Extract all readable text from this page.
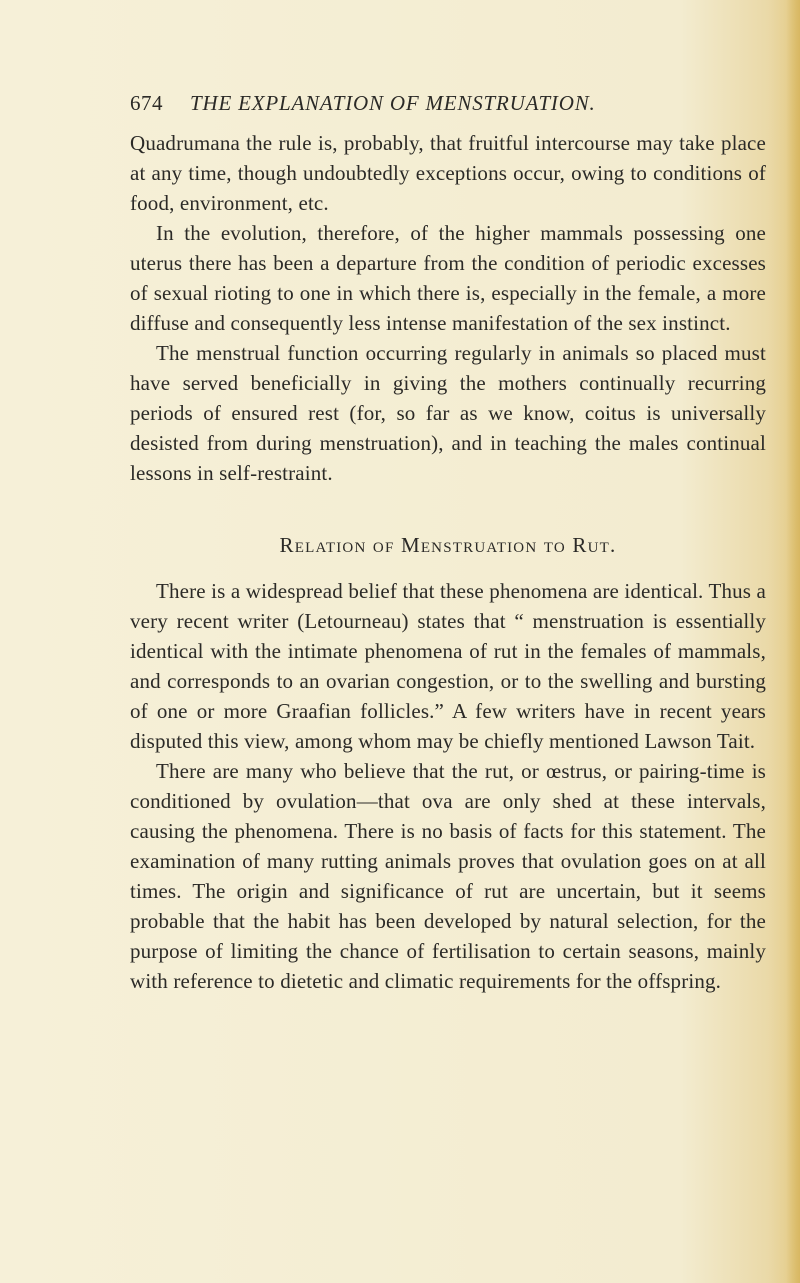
674 THE EXPLANATION OF MENSTRUATION.

Quadrumana the rule is, probably, that fruitful intercourse may take place at any time, though undoubtedly exceptions occur, owing to conditions of food, environment, etc.

In the evolution, therefore, of the higher mammals possessing one uterus there has been a departure from the condition of periodic excesses of sexual rioting to one in which there is, especially in the female, a more diffuse and consequently less intense manifestation of the sex instinct.

The menstrual function occurring regularly in animals so placed must have served beneficially in giving the mothers continually recurring periods of ensured rest (for, so far as we know, coitus is universally desisted from during menstruation), and in teaching the males continual lessons in self-restraint.

Relation of Menstruation to Rut.

There is a widespread belief that these phenomena are identical. Thus a very recent writer (Letourneau) states that “ menstruation is essentially identical with the intimate phenomena of rut in the females of mammals, and corresponds to an ovarian congestion, or to the swelling and bursting of one or more Graafian follicles.” A few writers have in recent years disputed this view, among whom may be chiefly mentioned Lawson Tait.

There are many who believe that the rut, or œstrus, or pairing-time is conditioned by ovulation—that ova are only shed at these intervals, causing the phenomena. There is no basis of facts for this statement. The examination of many rutting animals proves that ovulation goes on at all times. The origin and significance of rut are uncertain, but it seems probable that the habit has been developed by natural selection, for the purpose of limiting the chance of fertilisation to certain seasons, mainly with reference to dietetic and climatic requirements for the offspring.
